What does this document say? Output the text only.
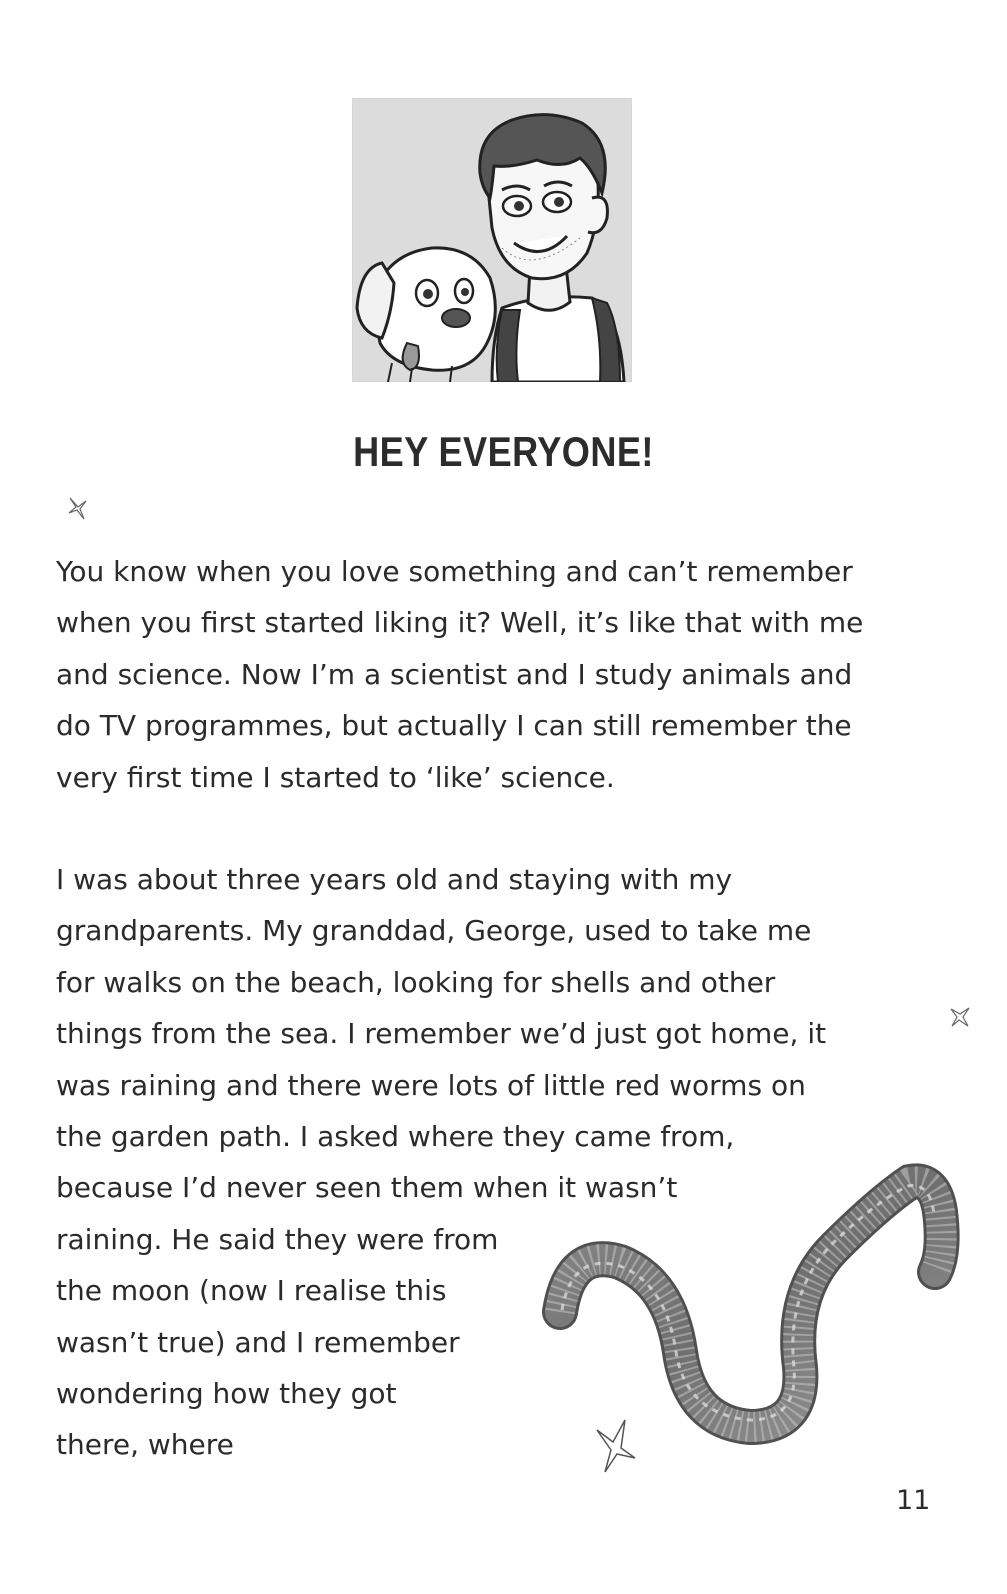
HEY EVERYONE!

You know when you love something and can’t remember
when you first started liking it? Well, it’s like that with me
and science. Now I’m a scientist and I study animals and
do TV programmes, but actually I can still remember the
very first time I started to ‘like’ science.

I was about three years old and staying with my
grandparents. My granddad, George, used to take me
for walks on the beach, looking for shells and other
things from the sea. I remember we’d just got home, it
was raining and there were lots of little red worms on
the garden path. I asked where they came from,
because I’d never seen them when it wasn’t
raining. He said they were from
the moon (now I realise this
wasn’t true) and I remember
wondering how they got
there, where

11
